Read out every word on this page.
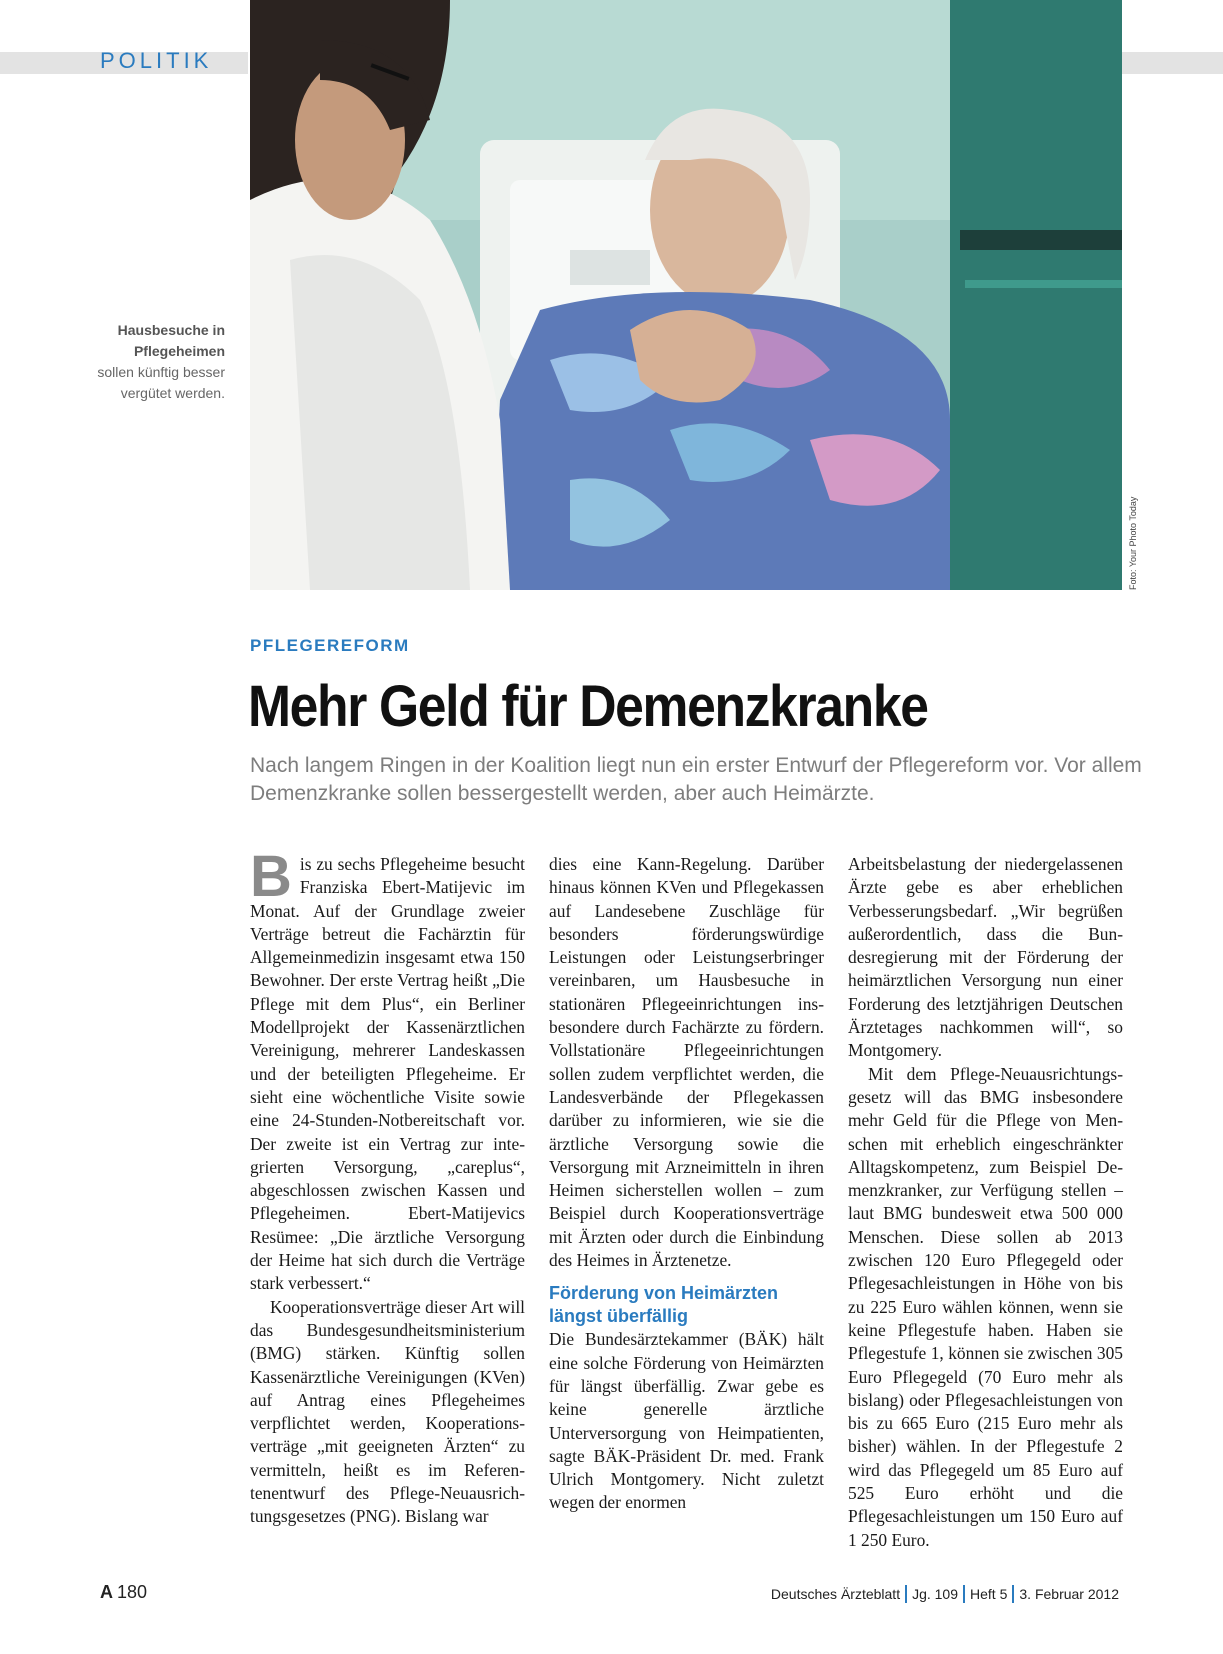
POLITIK
Foto: Your Photo Today
Hausbesuche in Pflegeheimen
sollen künftig besser vergütet werden.
PFLEGEREFORM
Mehr Geld für Demenzkranke
Nach langem Ringen in der Koalition liegt nun ein erster Entwurf der Pflegereform vor. Vor allem Demenzkranke sollen bessergestellt werden, aber auch Heimärzte.

Bis zu sechs Pflegeheime besucht Franziska Ebert-Matijevic im Monat. Auf der Grundlage zweier Verträge betreut die Fachärztin für Allgemeinmedizin insgesamt etwa 150 Bewohner. Der erste Vertrag heißt „Die Pflege mit dem Plus“, ein Berliner Modellprojekt der Kassenärztlichen Vereinigung, mehrerer Landeskassen und der beteiligten Pflegeheime. Er sieht eine wöchentliche Visite sowie eine 24-Stunden-Notbereitschaft vor. Der zweite ist ein Vertrag zur integrierten Versorgung, „careplus“, abgeschlossen zwischen Kassen und Pflegeheimen. Ebert-Matijevics Resümee: „Die ärztliche Versorgung der Heime hat sich durch die Verträge stark verbessert.“

Kooperationsverträge dieser Art will das Bundesgesundheitsministerium (BMG) stärken. Künftig sollen Kassenärztliche Vereinigungen (KVen) auf Antrag eines Pflegeheimes verpflichtet werden, Kooperationsverträge „mit geeigneten Ärzten“ zu vermitteln, heißt es im Referentenentwurf des Pflege-Neuausrichtungsgesetzes (PNG). Bislang war

dies eine Kann-Regelung. Darüber hinaus können KVen und Pflegekassen auf Landesebene Zuschläge für besonders förderungswürdige Leistungen oder Leistungserbringer vereinbaren, um Hausbesuche in stationären Pflegeeinrichtungen insbesondere durch Fachärzte zu fördern. Vollstationäre Pflegeeinrichtungen sollen zudem verpflichtet werden, die Landesverbände der Pflegekassen darüber zu informieren, wie sie die ärztliche Versorgung sowie die Versorgung mit Arzneimitteln in ihren Heimen sicherstellen wollen – zum Beispiel durch Kooperationsverträge mit Ärzten oder durch die Einbindung des Heimes in Ärztenetze.

Förderung von Heimärzten längst überfällig

Die Bundesärztekammer (BÄK) hält eine solche Förderung von Heimärzten für längst überfällig. Zwar gebe es keine generelle ärztliche Unterversorgung von Heimpatienten, sagte BÄK-Präsident Dr. med. Frank Ulrich Montgomery. Nicht zuletzt wegen der enormen

Arbeitsbelastung der niedergelassenen Ärzte gebe es aber erheblichen Verbesserungsbedarf. „Wir begrüßen außerordentlich, dass die Bundesregierung mit der Förderung der heimärztlichen Versorgung nun einer Forderung des letztjährigen Deutschen Ärztetages nachkommen will“, so Montgomery.

Mit dem Pflege-Neuausrichtungsgesetz will das BMG insbesondere mehr Geld für die Pflege von Menschen mit erheblich eingeschränkter Alltagskompetenz, zum Beispiel Demenzkranker, zur Verfügung stellen – laut BMG bundesweit etwa 500 000 Menschen. Diese sollen ab 2013 zwischen 120 Euro Pflegegeld oder Pflegesachleistungen in Höhe von bis zu 225 Euro wählen können, wenn sie keine Pflegestufe haben. Haben sie Pflegestufe 1, können sie zwischen 305 Euro Pflegegeld (70 Euro mehr als bislang) oder Pflegesachleistungen von bis zu 665 Euro (215 Euro mehr als bisher) wählen. In der Pflegestufe 2 wird das Pflegegeld um 85 Euro auf 525 Euro erhöht und die Pflegesachleistungen um 150 Euro auf 1 250 Euro.

A 180	Deutsches Ärzteblatt Jg. 109 Heft 5 3. Februar 2012
